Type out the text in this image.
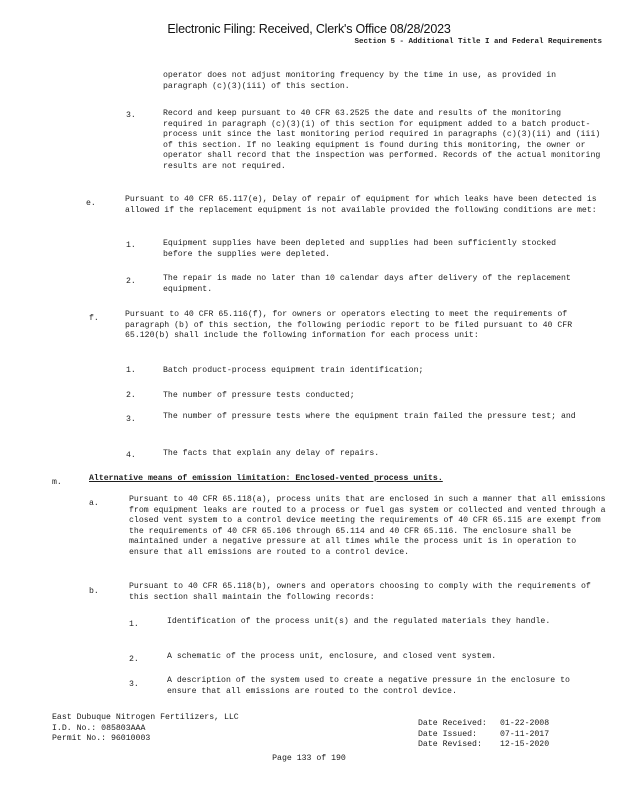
Electronic Filing: Received, Clerk's Office 08/28/2023
Section 5 - Additional Title I and Federal Requirements

operator does not adjust monitoring frequency by the time in use, as provided in paragraph (c)(3)(iii) of this section.

3.	Record and keep pursuant to 40 CFR 63.2525 the date and results of the monitoring required in paragraph (c)(3)(i) of this section for equipment added to a batch product-process unit since the last monitoring period required in paragraphs (c)(3)(ii) and (iii) of this section. If no leaking equipment is found during this monitoring, the owner or operator shall record that the inspection was performed. Records of the actual monitoring results are not required.

e.	Pursuant to 40 CFR 65.117(e), Delay of repair of equipment for which leaks have been detected is allowed if the replacement equipment is not available provided the following conditions are met:

1.	Equipment supplies have been depleted and supplies had been sufficiently stocked before the supplies were depleted.

2.	The repair is made no later than 10 calendar days after delivery of the replacement equipment.

f.	Pursuant to 40 CFR 65.116(f), for owners or operators electing to meet the requirements of paragraph (b) of this section, the following periodic report to be filed pursuant to 40 CFR 65.120(b) shall include the following information for each process unit:

1.	Batch product-process equipment train identification;

2.	The number of pressure tests conducted;

3.	The number of pressure tests where the equipment train failed the pressure test; and

4.	The facts that explain any delay of repairs.

m.	Alternative means of emission limitation: Enclosed-vented process units.

a.	Pursuant to 40 CFR 65.118(a), process units that are enclosed in such a manner that all emissions from equipment leaks are routed to a process or fuel gas system or collected and vented through a closed vent system to a control device meeting the requirements of 40 CFR 65.115 are exempt from the requirements of 40 CFR 65.106 through 65.114 and 40 CFR 65.116. The enclosure shall be maintained under a negative pressure at all times while the process unit is in operation to ensure that all emissions are routed to a control device.

b.

Pursuant to 40 CFR 65.118(b), owners and operators choosing to comply with the requirements of this section shall maintain the following records:

1.	Identification of the process unit(s) and the regulated materials they handle.

2.	A schematic of the process unit, enclosure, and closed vent system.

3.	A description of the system used to create a negative pressure in the enclosure to ensure that all emissions are routed to the control device.

East Dubuque Nitrogen Fertilizers, LLC
I.D. No.: 085803AAA
Permit No.: 96010003
Date Received: 01-22-2008
Date Issued:	07-11-2017
Date Revised: 12-15-2020
Page 133 of 190
